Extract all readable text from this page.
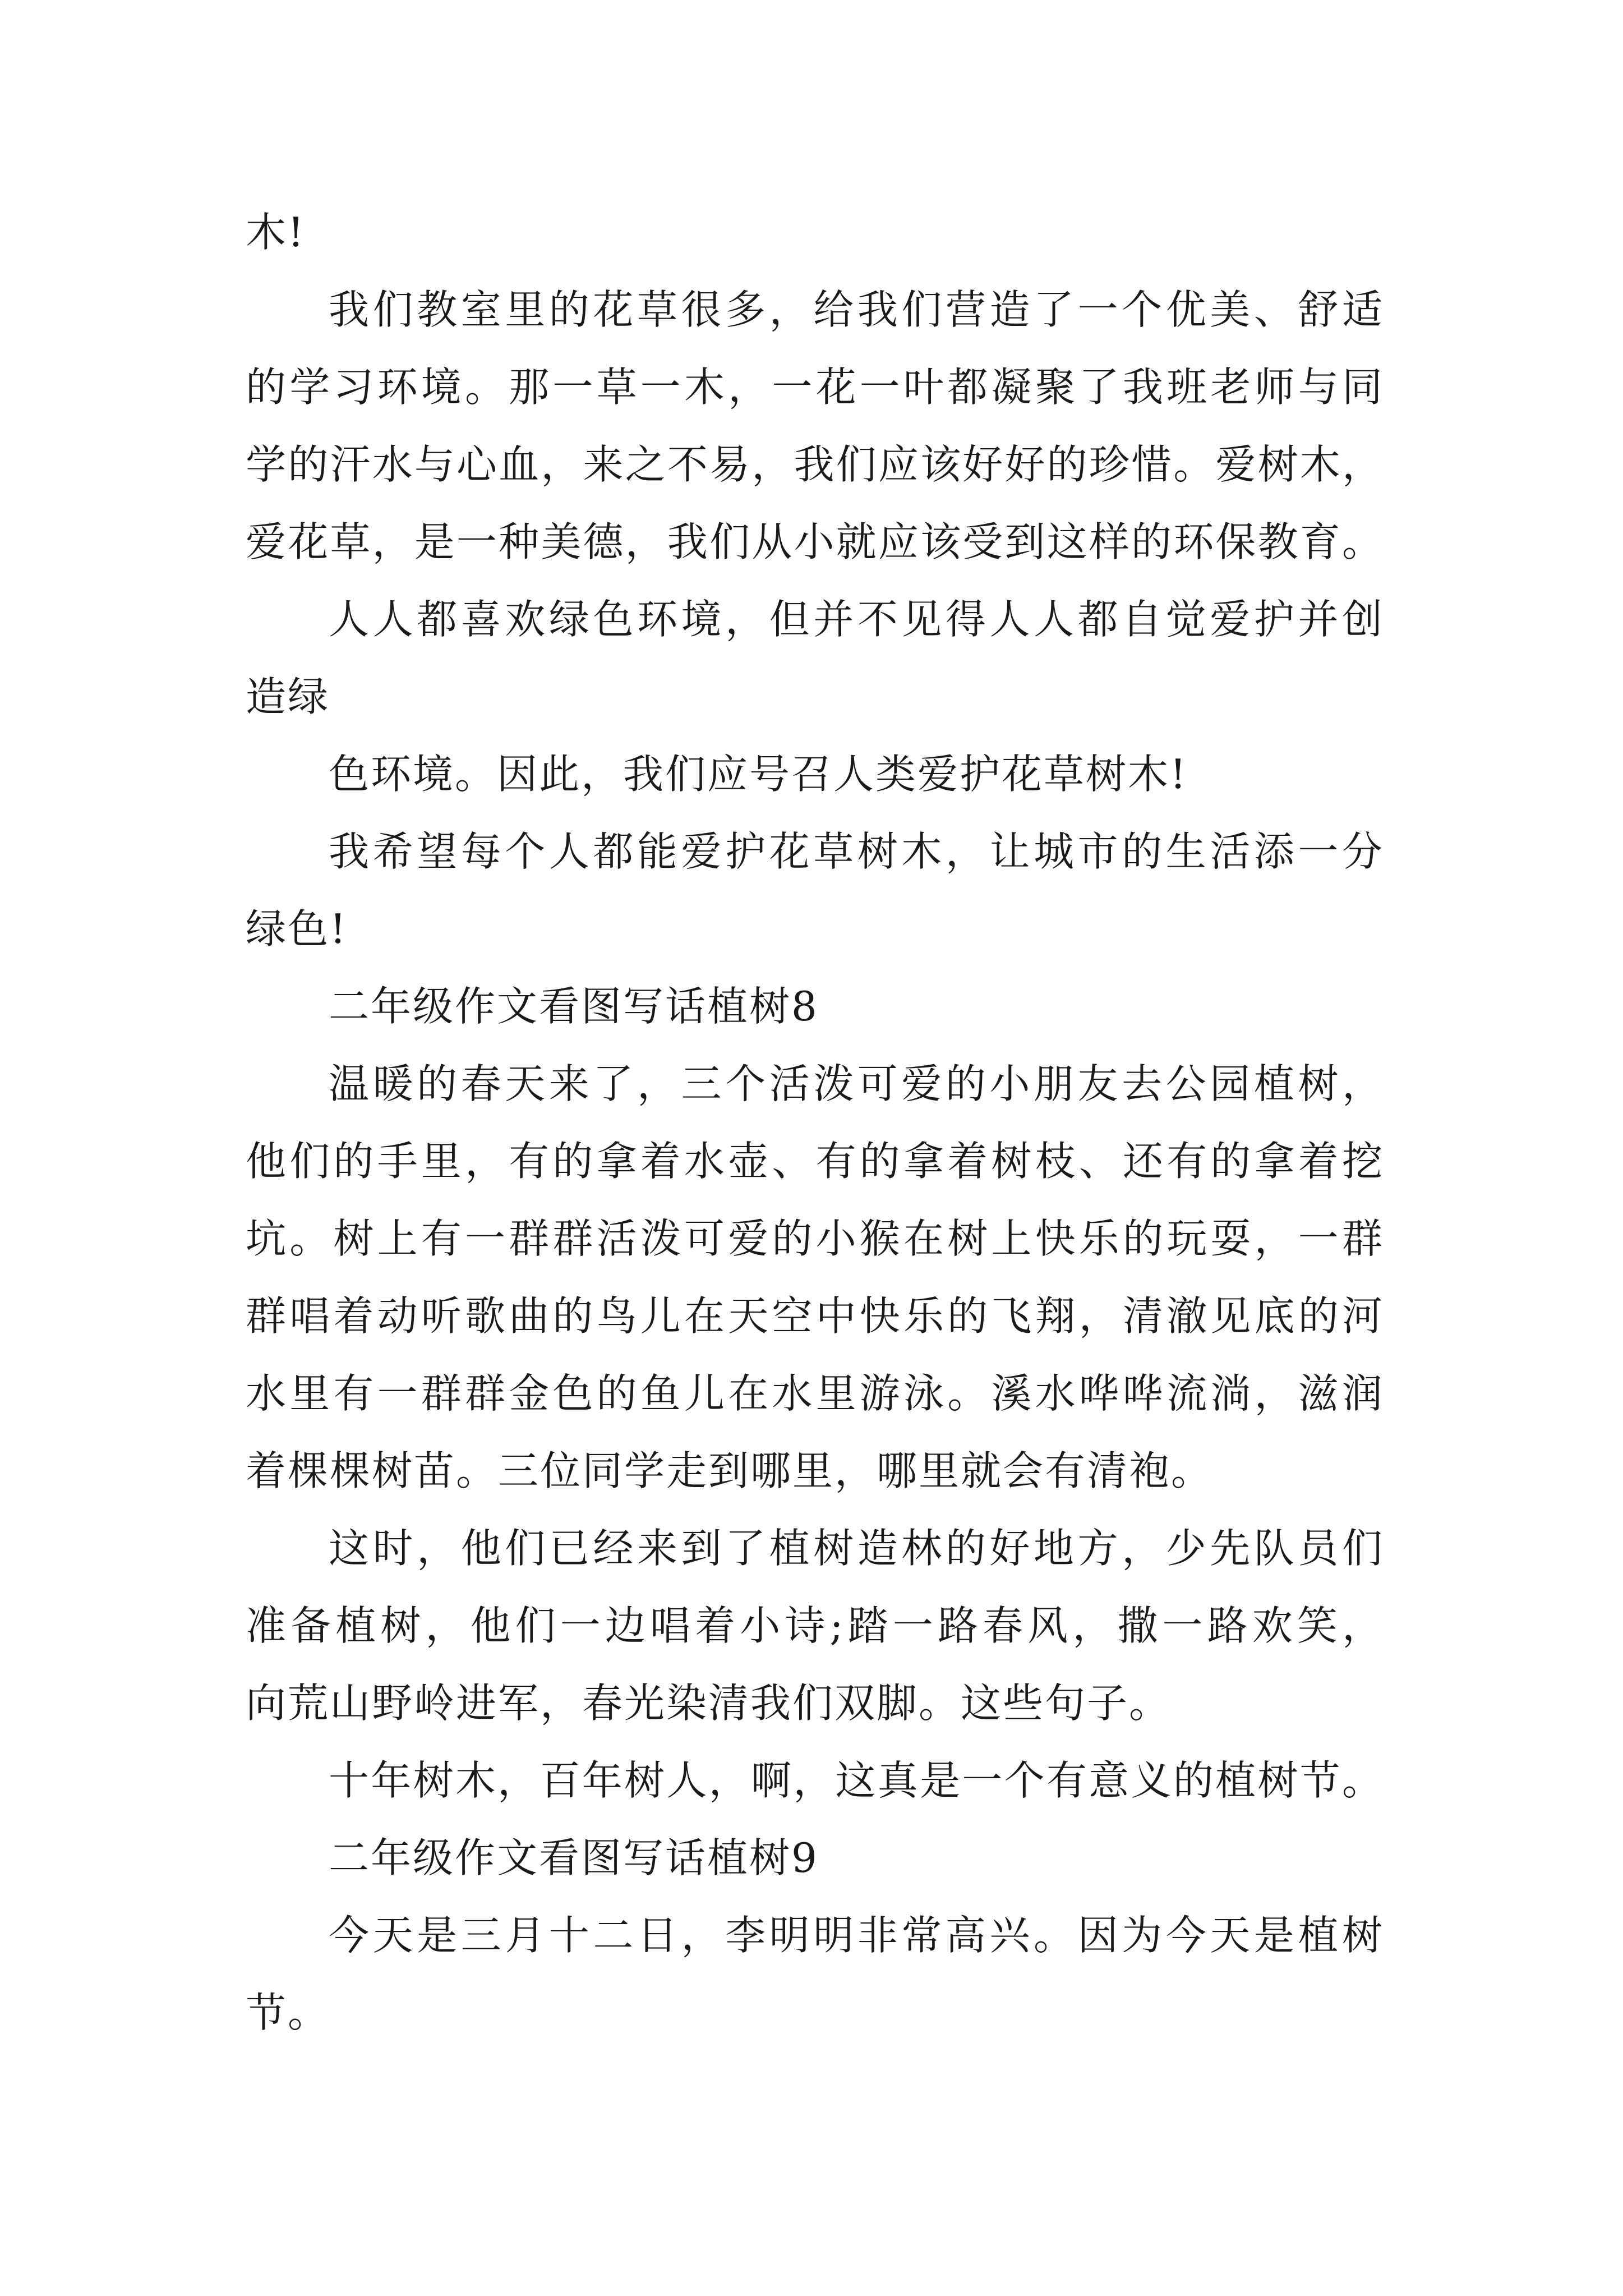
木!
我们教室里的花草很多，给我们营造了一个优美、舒适
的学习环境。那一草一木，一花一叶都凝聚了我班老师与同
学的汗水与心血，来之不易，我们应该好好的珍惜。爱树木，
爱花草，是一种美德，我们从小就应该受到这样的环保教育。
人人都喜欢绿色环境，但并不见得人人都自觉爱护并创
造绿
色环境。因此，我们应号召人类爱护花草树木!
我希望每个人都能爱护花草树木，让城市的生活添一分
绿色!
二年级作文看图写话植树8
温暖的春天来了，三个活泼可爱的小朋友去公园植树，
他们的手里，有的拿着水壶、有的拿着树枝、还有的拿着挖
坑。树上有一群群活泼可爱的小猴在树上快乐的玩耍，一群
群唱着动听歌曲的鸟儿在天空中快乐的飞翔，清澈见底的河
水里有一群群金色的鱼儿在水里游泳。溪水哗哗流淌，滋润
着棵棵树苗。三位同学走到哪里，哪里就会有清袍。
这时，他们已经来到了植树造林的好地方，少先队员们
准备植树，他们一边唱着小诗;踏一路春风，撒一路欢笑，
向荒山野岭进军，春光染清我们双脚。这些句子。
十年树木，百年树人，啊，这真是一个有意义的植树节。
二年级作文看图写话植树9
今天是三月十二日，李明明非常高兴。因为今天是植树
节。
